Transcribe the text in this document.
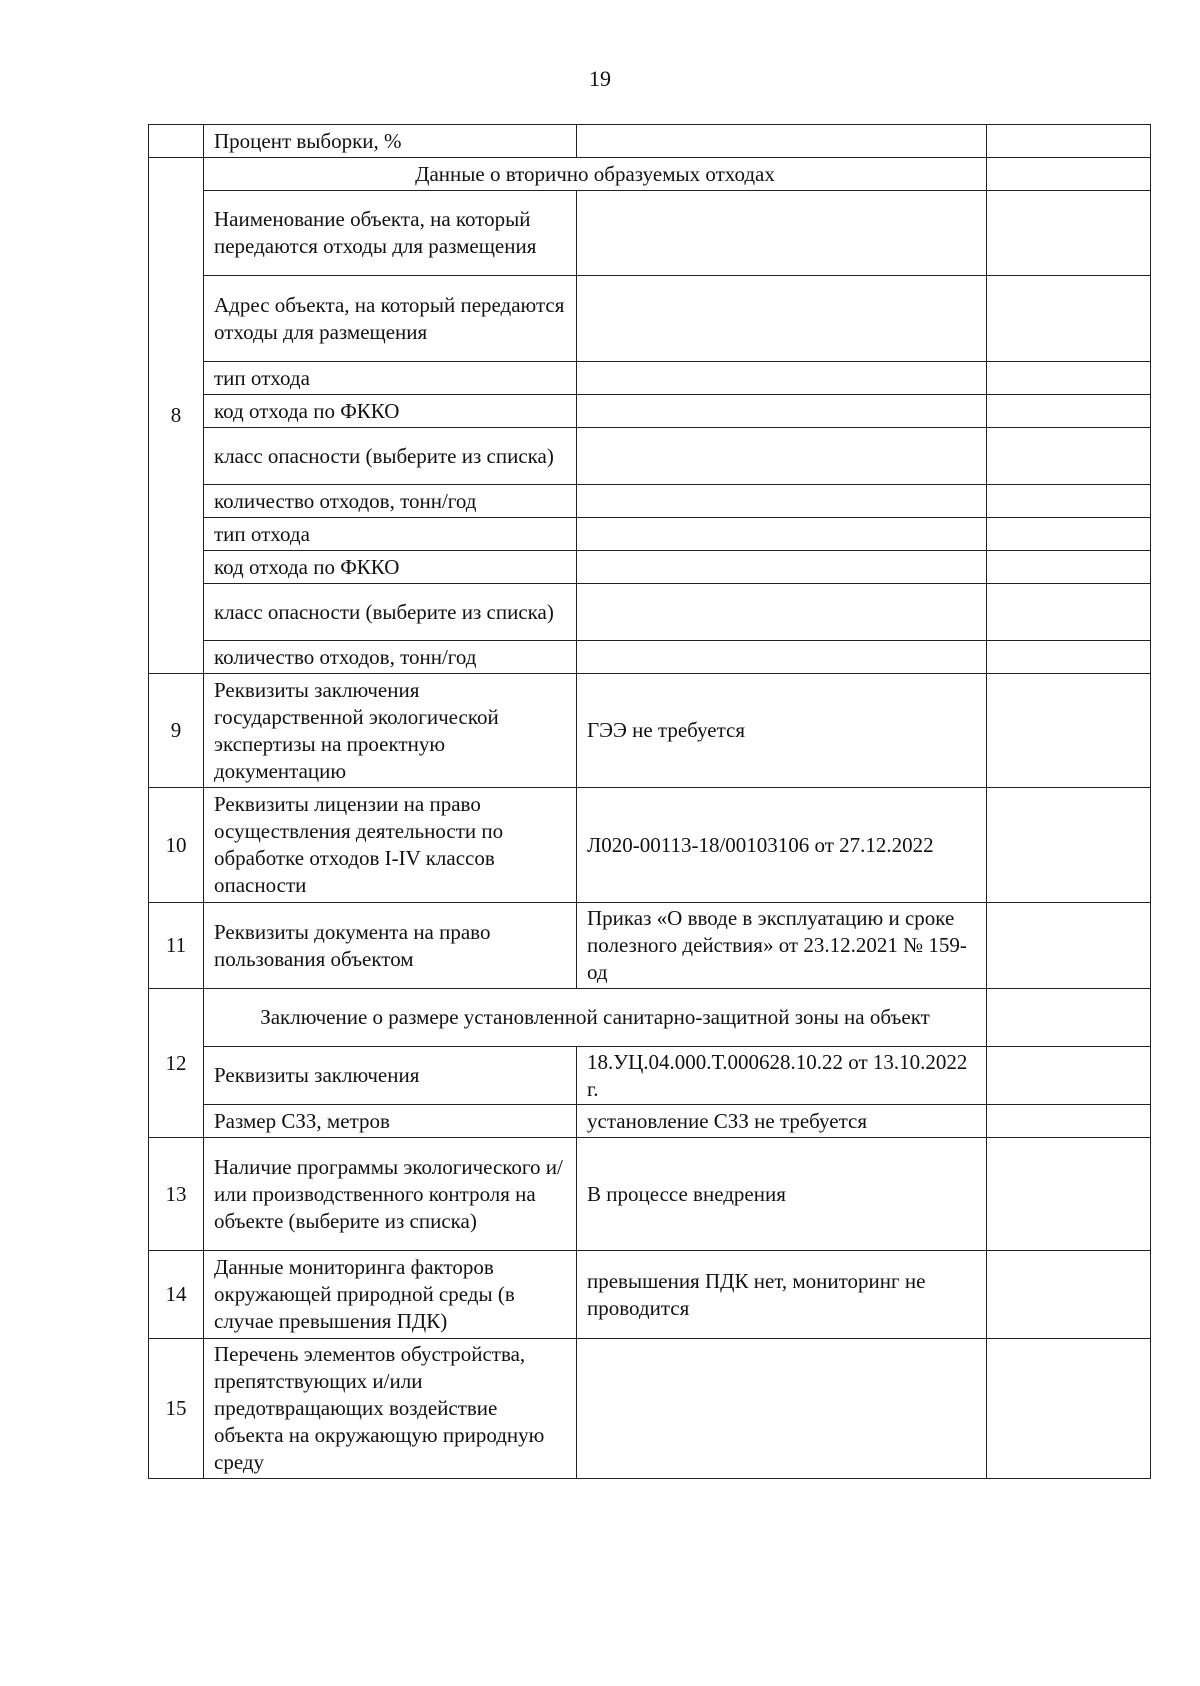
19
	Процент выборки, %		
8	Данные о вторично образуемых отходах		
	Наименование объекта, на который передаются отходы для размещения		
	Адрес объекта, на который передаются отходы для размещения		
	тип отхода		
	код отхода по ФККО		
	класс опасности (выберите из списка)		
	количество отходов, тонн/год		
	тип отхода		
	код отхода по ФККО		
	класс опасности (выберите из списка)		
	количество отходов, тонн/год		
9	Реквизиты заключения государственной экологической экспертизы на проектную документацию	ГЭЭ не требуется	
10	Реквизиты лицензии на право осуществления деятельности по обработке отходов I-IV классов опасности	Л020-00113-18/00103106 от 27.12.2022	
11	Реквизиты документа на право пользования объектом	Приказ «О вводе в эксплуатацию и сроке полезного действия» от 23.12.2021 № 159-од	
12	Заключение о размере установленной санитарно-защитной зоны на объект		
	Реквизиты заключения	18.УЦ.04.000.Т.000628.10.22 от 13.10.2022 г.	
	Размер СЗЗ, метров	установление СЗЗ не требуется	
13	Наличие программы экологического и/или производственного контроля на объекте (выберите из списка)	В процессе внедрения	
14	Данные мониторинга факторов окружающей природной среды (в случае превышения ПДК)	превышения ПДК нет, мониторинг не проводится	
15	Перечень элементов обустройства, препятствующих и/или предотвращающих воздействие объекта на окружающую природную среду		
